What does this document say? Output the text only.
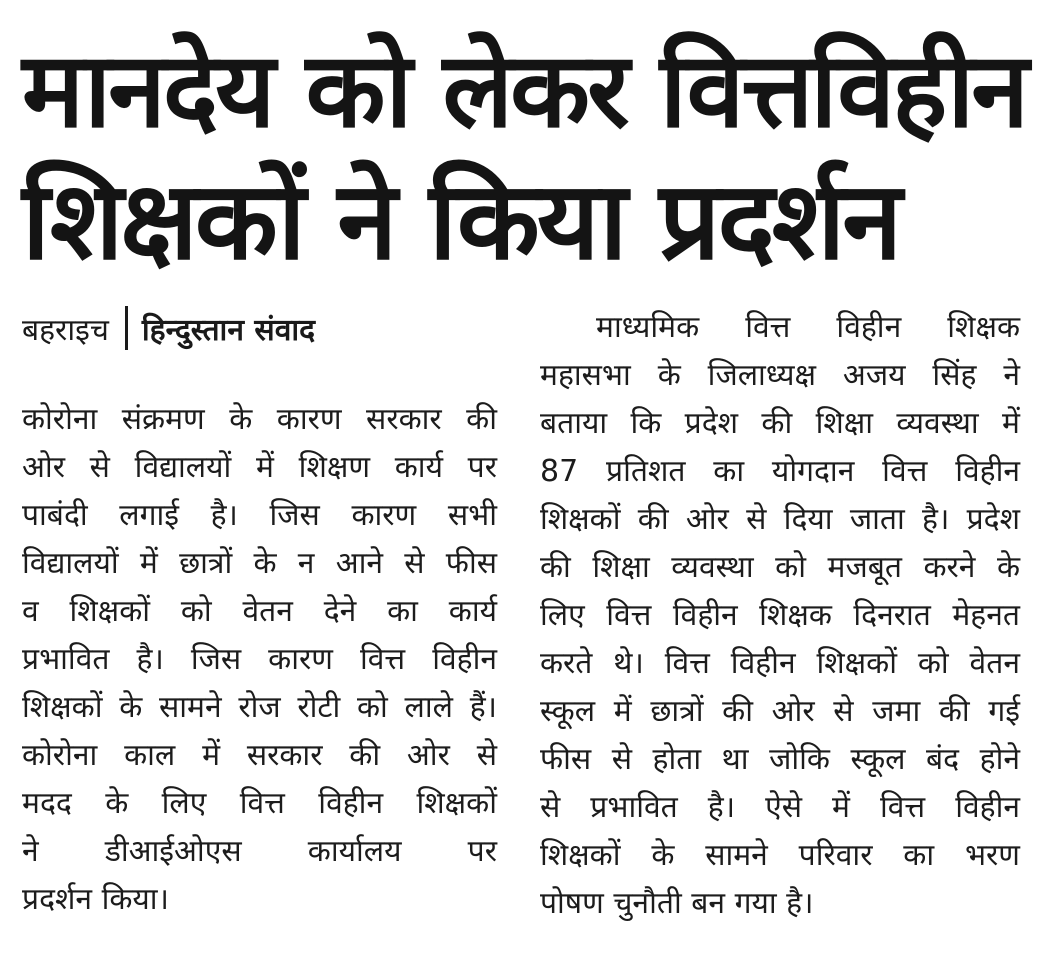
मानदेय को लेकर वित्तविहीन
शिक्षकों ने किया प्रदर्शन
बहराइच हिन्दुस्तान संवाद
कोरोना संक्रमण के कारण सरकार की
ओर से विद्यालयों में शिक्षण कार्य पर
पाबंदी लगाई है। जिस कारण सभी
विद्यालयों में छात्रों के न आने से फीस
व शिक्षकों को वेतन देने का कार्य
प्रभावित है। जिस कारण वित्त विहीन
शिक्षकों के सामने रोज रोटी को लाले हैं।
कोरोना काल में सरकार की ओर से
मदद के लिए वित्त विहीन शिक्षकों
ने डीआईओएस कार्यालय पर
प्रदर्शन किया।
माध्यमिक वित्त विहीन शिक्षक
महासभा के जिलाध्यक्ष अजय सिंह ने
बताया कि प्रदेश की शिक्षा व्यवस्था में
87 प्रतिशत का योगदान वित्त विहीन
शिक्षकों की ओर से दिया जाता है। प्रदेश
की शिक्षा व्यवस्था को मजबूत करने के
लिए वित्त विहीन शिक्षक दिनरात मेहनत
करते थे। वित्त विहीन शिक्षकों को वेतन
स्कूल में छात्रों की ओर से जमा की गई
फीस से होता था जोकि स्कूल बंद होने
से प्रभावित है। ऐसे में वित्त विहीन
शिक्षकों के सामने परिवार का भरण
पोषण चुनौती बन गया है।
